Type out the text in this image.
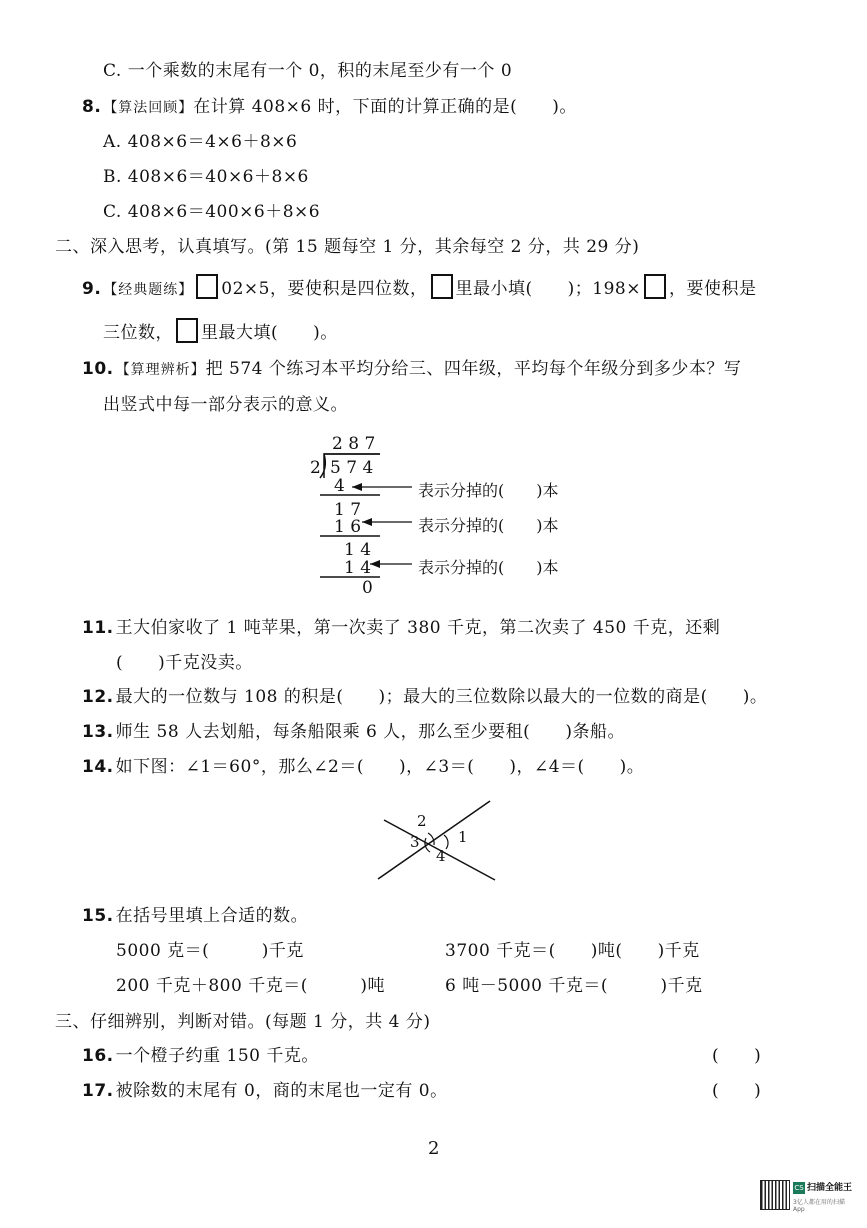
C. 一个乘数的末尾有一个 0，积的末尾至少有一个 0
8. 【算法回顾】在计算 408×6 时，下面的计算正确的是(　　)。
A. 408×6＝4×6＋8×6
B. 408×6＝40×6＋8×6
C. 408×6＝400×6＋8×6
二、深入思考，认真填写。(第 15 题每空 1 分，其余每空 2 分，共 29 分)
9. 【经典题练】 02×5，要使积是四位数， 里最小填(　　)；198× ，要使积是
三位数， 里最大填(　　)。
10. 【算理辨析】把 574 个练习本平均分给三、四年级，平均每个年级分到多少本？写
出竖式中每一部分表示的意义。
2 8 7
2 5 7 4
4
1 7
1 6
1 4
1 4
0
表示分掉的(　　)本
表示分掉的(　　)本
表示分掉的(　　)本
11. 王大伯家收了 1 吨苹果，第一次卖了 380 千克，第二次卖了 450 千克，还剩
(　　)千克没卖。
12. 最大的一位数与 108 的积是(　　)；最大的三位数除以最大的一位数的商是(　　)。
13. 师生 58 人去划船，每条船限乘 6 人，那么至少要租(　　)条船。
14. 如下图：∠1＝60°，那么∠2＝(　　)，∠3＝(　　)，∠4＝(　　)。
1
2
3
4
15. 在括号里填上合适的数。
5000 克＝(　　　)千克	3700 千克＝(　　)吨(　　)千克
200 千克＋800 千克＝(　　　)吨	6 吨－5000 千克＝(　　　)千克
三、仔细辨别，判断对错。(每题 1 分，共 4 分)
16. 一个橙子约重 150 千克。	(　　)
17. 被除数的末尾有 0，商的末尾也一定有 0。	(　　)
2
CS 扫描全能王
3亿人都在用的扫描App
